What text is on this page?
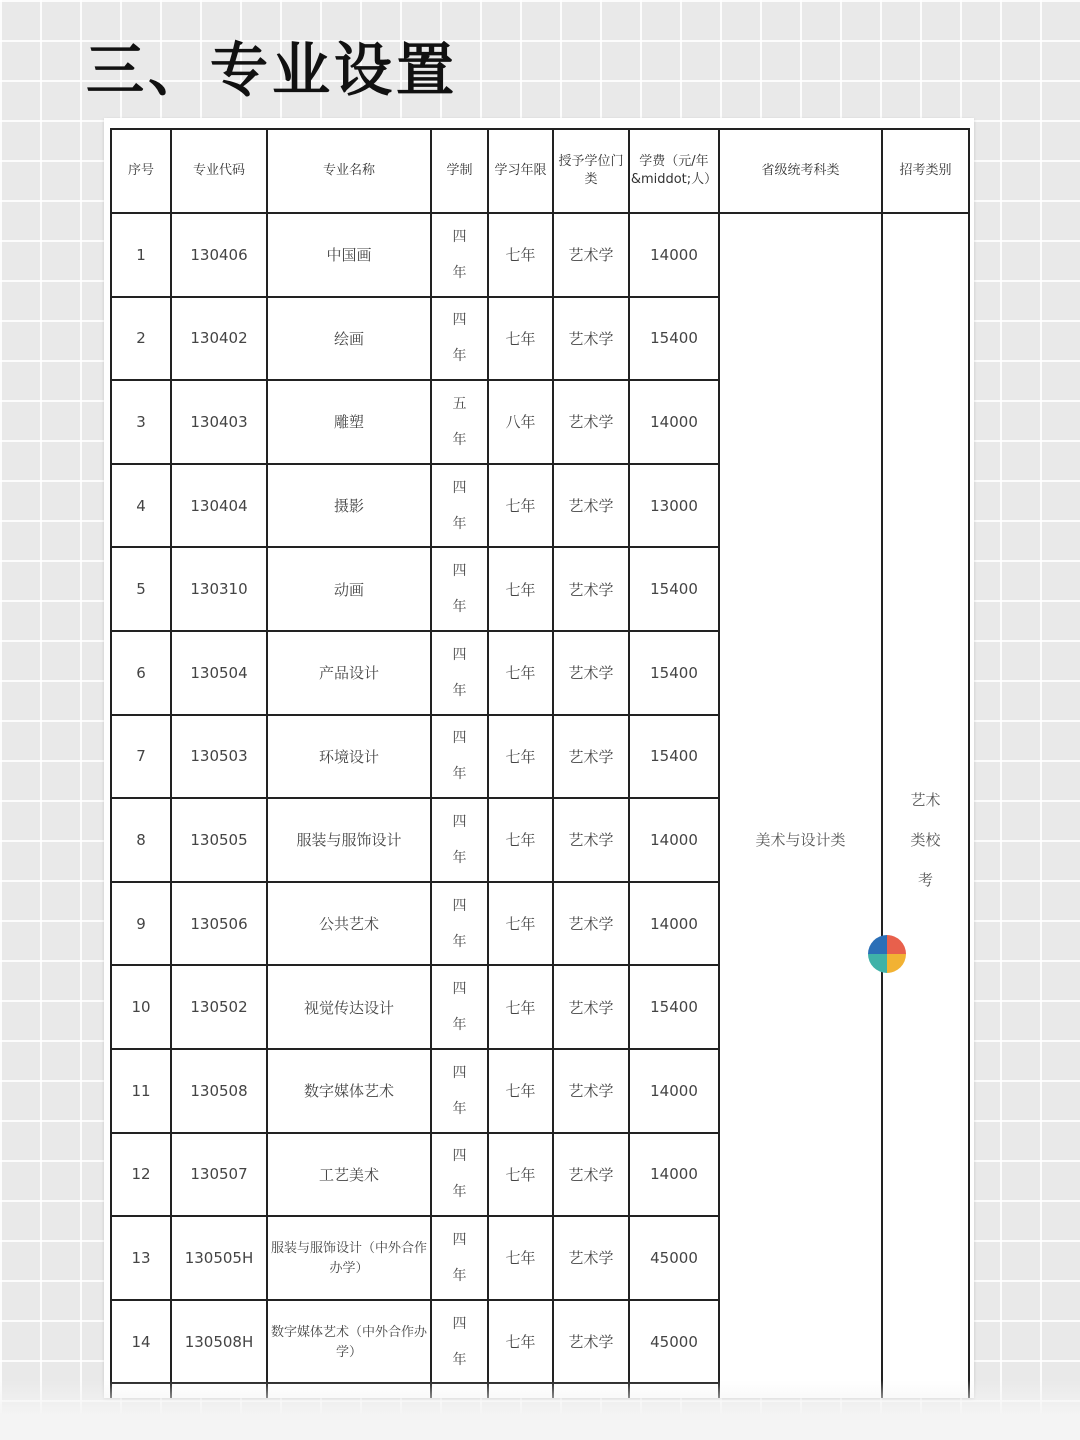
三、专业设置
序号	专业代码	专业名称	学制	学习年限	授予学位门类	学费（元/年&middot;人）	省级统考科类	招考类别
1	130406	中国画	四年	七年	艺术学	14000	美术与设计类	艺术类校考
2	130402	绘画	四年	七年	艺术学	15400		
3	130403	雕塑	五年	八年	艺术学	14000		
4	130404	摄影	四年	七年	艺术学	13000		
5	130310	动画	四年	七年	艺术学	15400		
6	130504	产品设计	四年	七年	艺术学	15400		
7	130503	环境设计	四年	七年	艺术学	15400		
8	130505	服装与服饰设计	四年	七年	艺术学	14000		
9	130506	公共艺术	四年	七年	艺术学	14000		
10	130502	视觉传达设计	四年	七年	艺术学	15400		
11	130508	数字媒体艺术	四年	七年	艺术学	14000		
12	130507	工艺美术	四年	七年	艺术学	14000		
13	130505H	服装与服饰设计（中外合作办学）	四年	七年	艺术学	45000		
14	130508H	数字媒体艺术（中外合作办学）	四年	七年	艺术学	45000		
